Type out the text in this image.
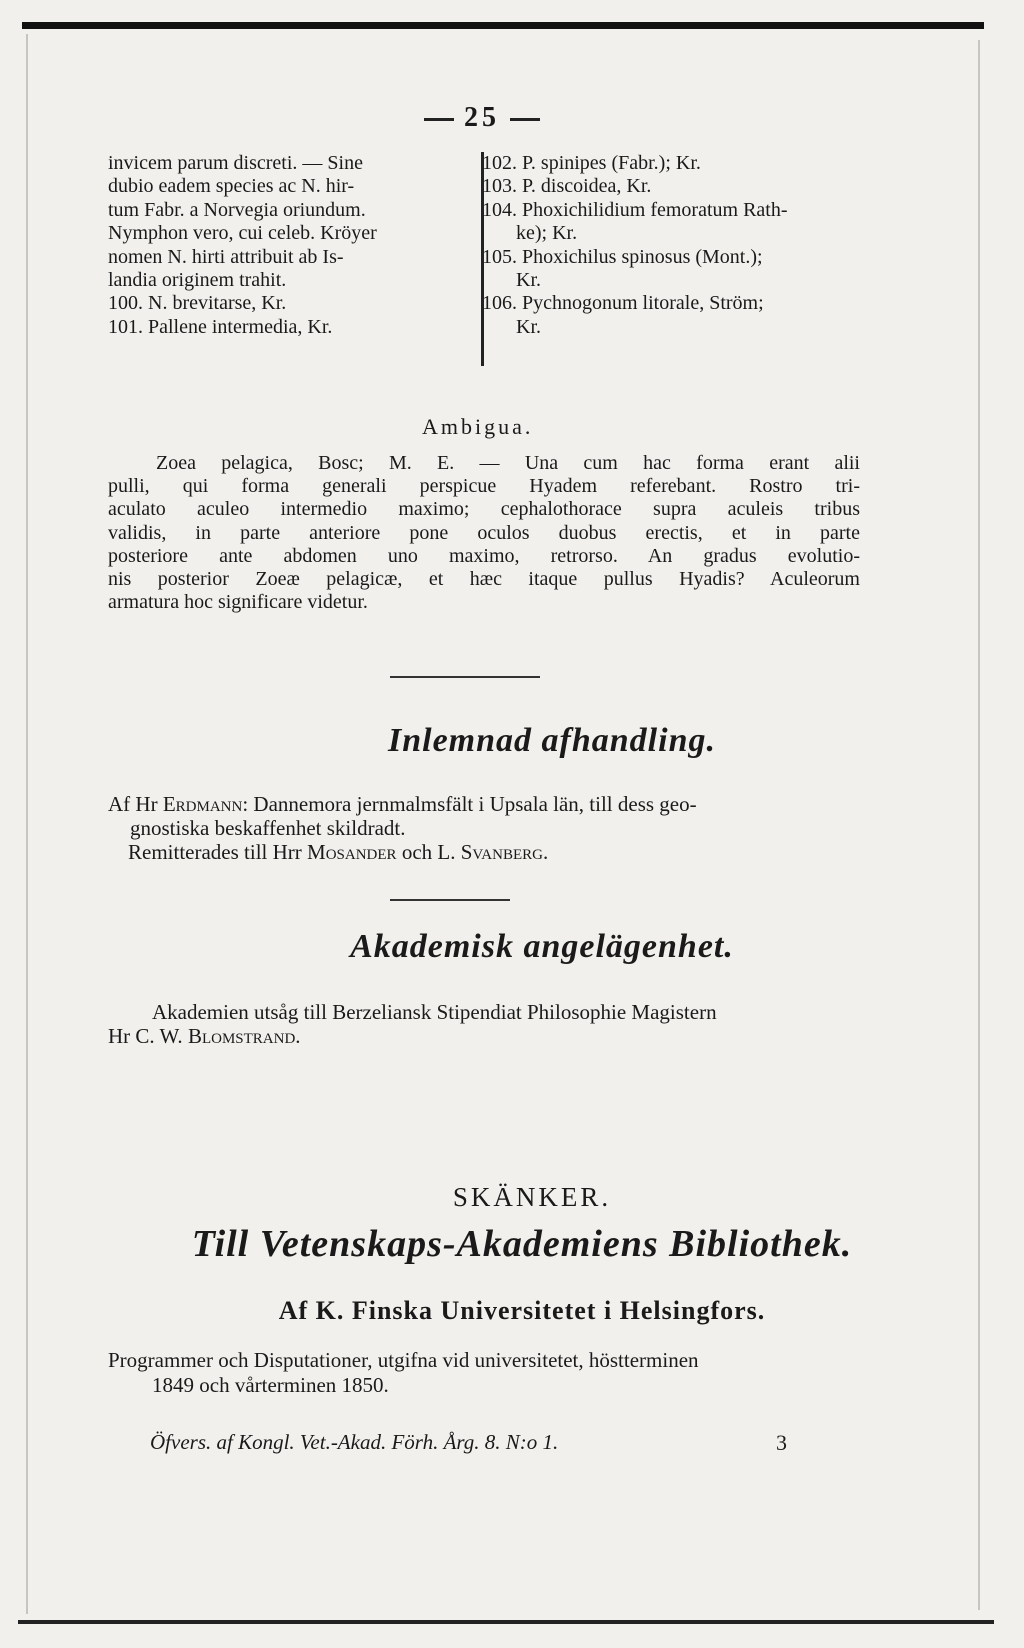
25
invicem parum discreti. — Sine
dubio eadem species ac N. hir-
tum Fabr. a Norvegia oriundum.
Nymphon vero, cui celeb. Kröyer
nomen N. hirti attribuit ab Is-
landia originem trahit.
100. N. brevitarse, Kr.
101. Pallene intermedia, Kr.
102. P. spinipes (Fabr.); Kr.
103. P. discoidea, Kr.
104. Phoxichilidium femoratum Rath-
ke); Kr.
105. Phoxichilus spinosus (Mont.);
Kr.
106. Pychnogonum litorale, Ström;
Kr.
Ambigua.
Zoea pelagica, Bosc; M. E. — Una cum hac forma erant alii
pulli, qui forma generali perspicue Hyadem referebant. Rostro tri-
aculato aculeo intermedio maximo; cephalothorace supra aculeis tribus
validis, in parte anteriore pone oculos duobus erectis, et in parte
posteriore ante abdomen uno maximo, retrorso. An gradus evolutio-
nis posterior Zoeæ pelagicæ, et hæc itaque pullus Hyadis? Aculeorum
armatura hoc significare videtur.
Inlemnad afhandling.
Af Hr Erdmann: Dannemora jernmalmsfält i Upsala län, till dess geo-
gnostiska beskaffenhet skildradt.
Remitterades till Hrr Mosander och L. Svanberg.
Akademisk angelägenhet.
Akademien utsåg till Berzeliansk Stipendiat Philosophie Magistern
Hr C. W. Blomstrand.
SKÄNKER.
Till Vetenskaps-Akademiens Bibliothek.
Af K. Finska Universitetet i Helsingfors.
Programmer och Disputationer, utgifna vid universitetet, höstterminen
1849 och vårterminen 1850.
Öfvers. af Kongl. Vet.-Akad. Förh. Årg. 8. N:o 1.	3
